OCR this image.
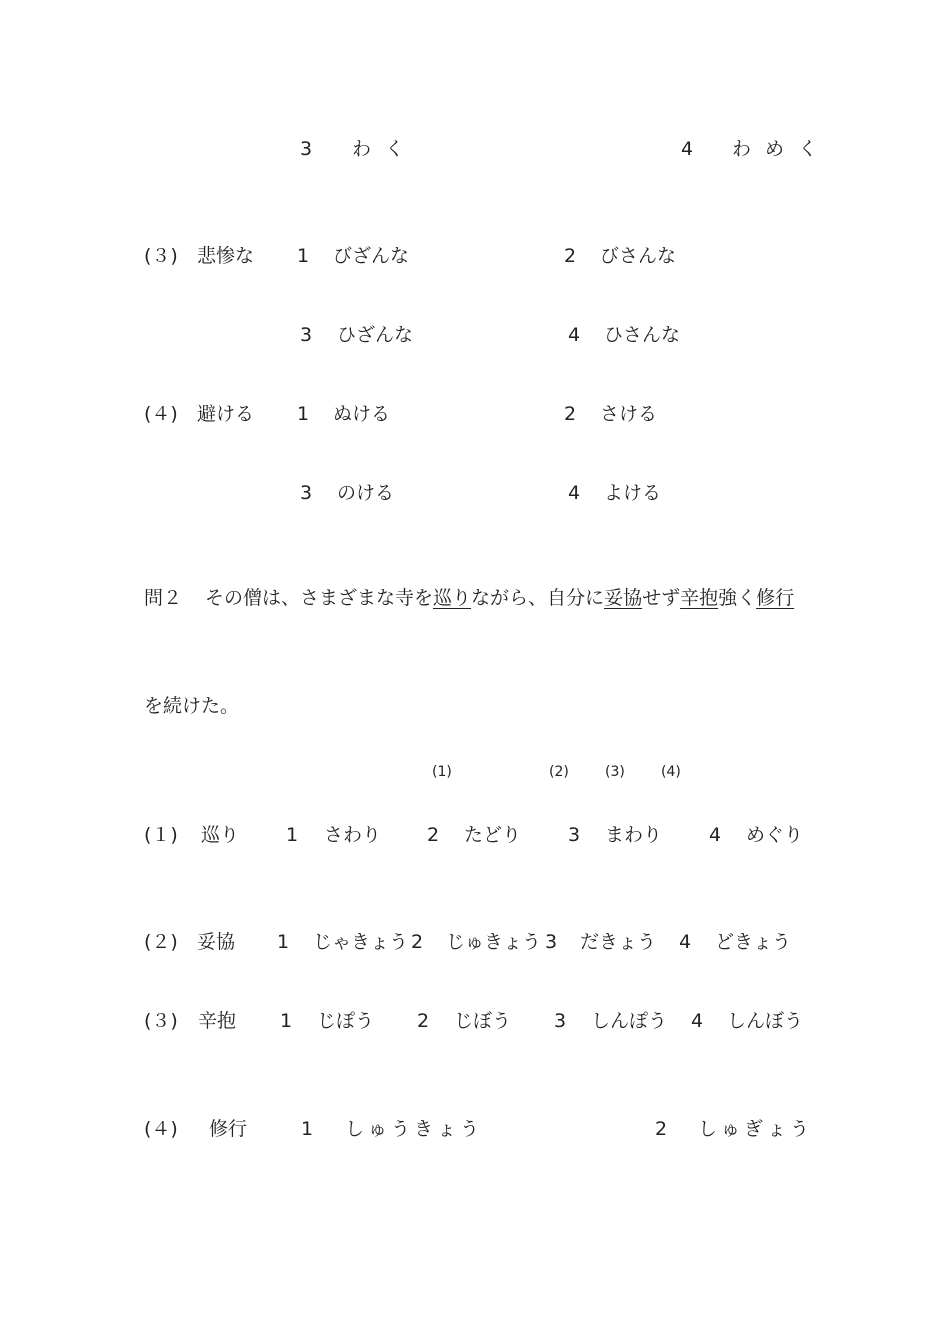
3 わ く	4 わ め く
(３) 悲惨な 1 びざんな	2 びさんな
3 ひざんな	4 ひさんな
(４) 避ける 1 ぬける	2 さける
3 のける	4 よける
問２ その僧は、さまざまな寺を巡りながら、自分に妥協せず辛抱強く修行
を続けた。
(1)	(2)	(3)	(4)
(１) 巡り 1 さわり 2 たどり 3 まわり 4 めぐり
(２) 妥協 1 じゃきょう 2 じゅきょう 3 だきょう 4 どきょう
(３) 辛抱 1 じぽう 2 じぼう 3 しんぽう 4 しんぼう
(４) 修行	1 しゅうきょう	2 しゅぎょう
